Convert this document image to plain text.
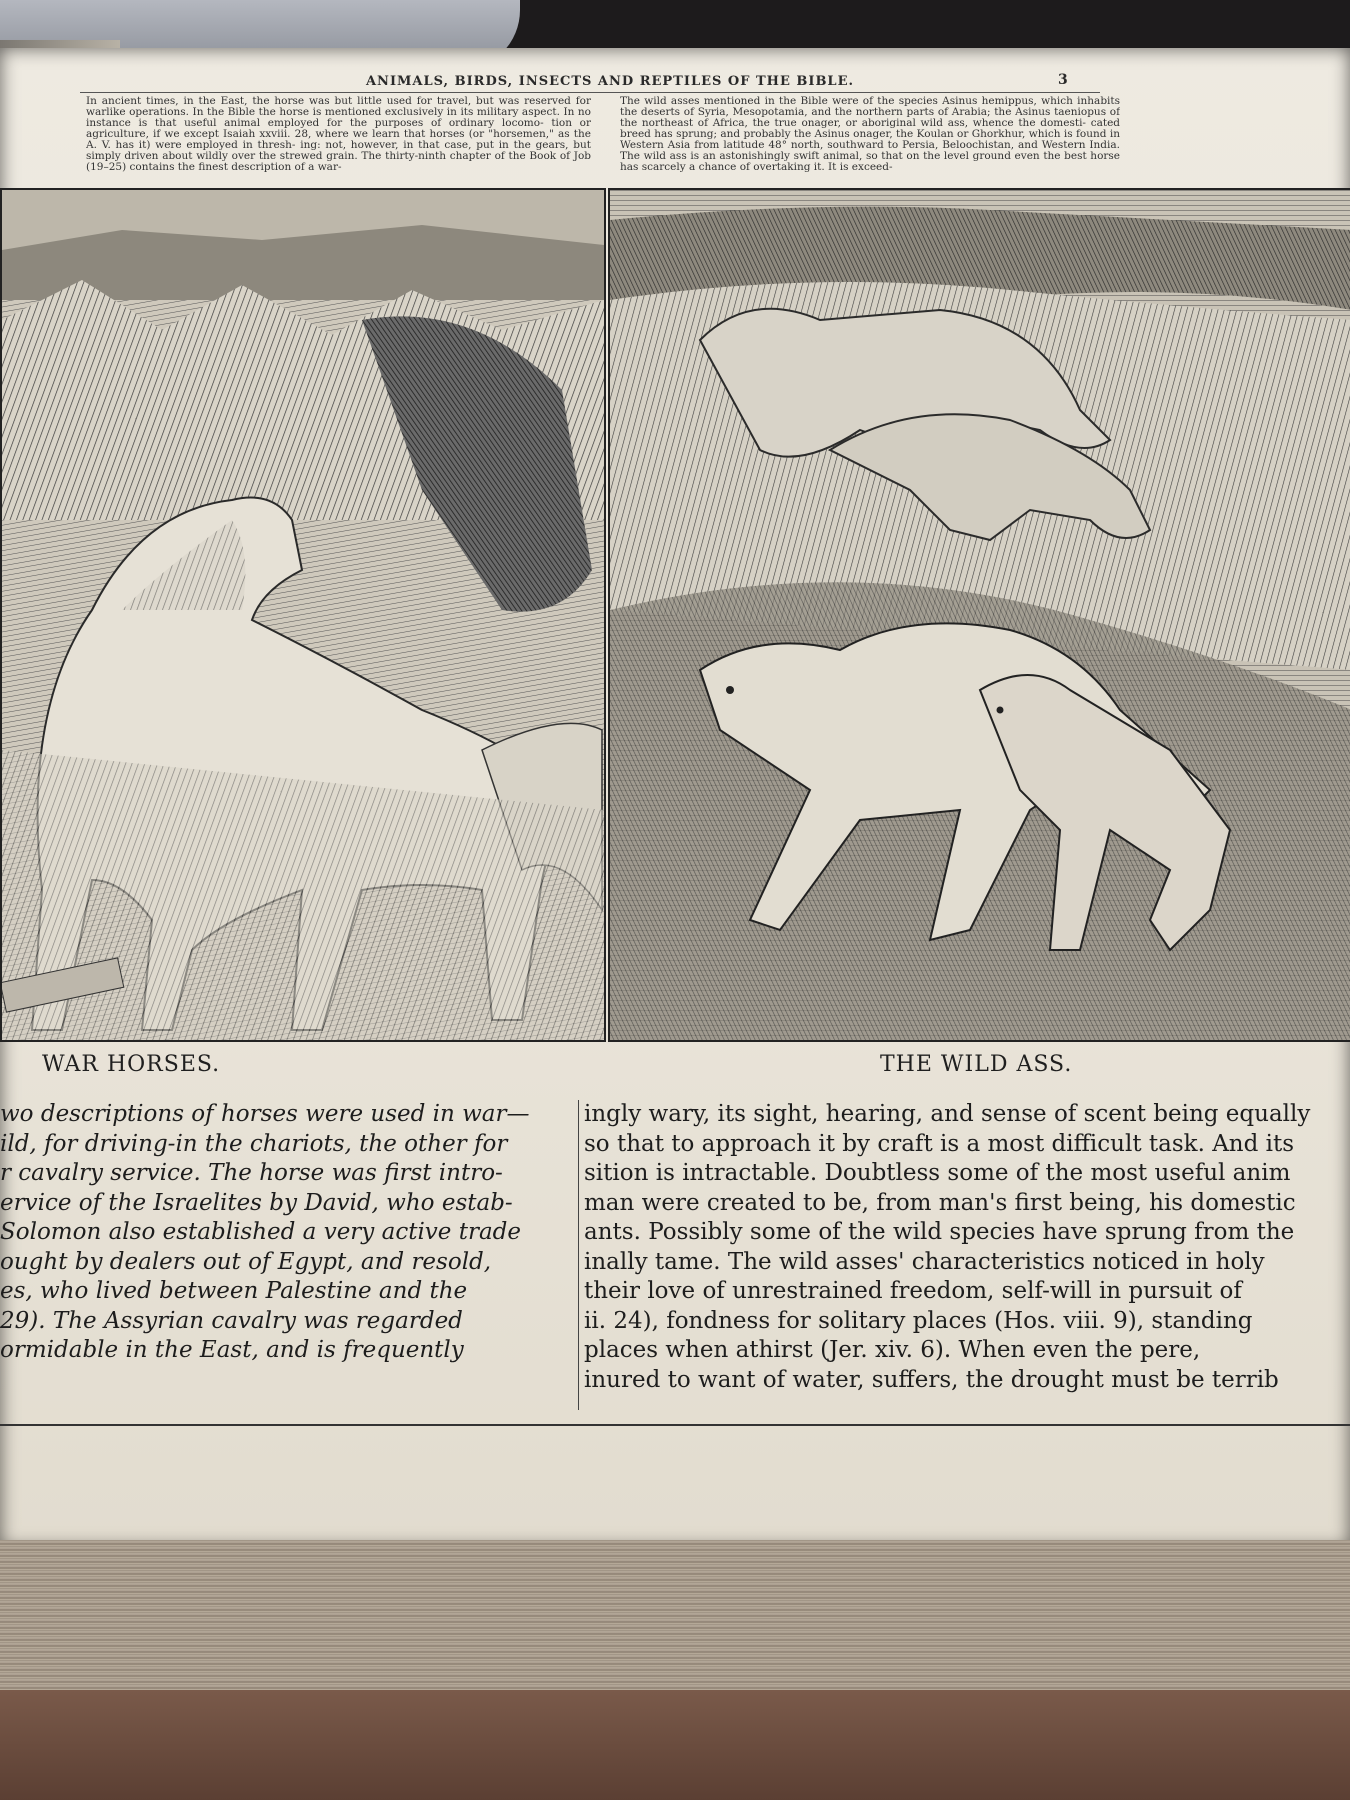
ANIMALS, BIRDS, INSECTS AND REPTILES OF THE BIBLE.	3
In ancient times, in the East, the horse was but little used for travel, but was reserved for warlike operations. In the Bible the horse is mentioned exclusively in its military aspect. In no instance is that useful animal employed for the purposes of ordinary locomo- tion or agriculture, if we except Isaiah xxviii. 28, where we learn that horses (or "horsemen," as the A. V. has it) were employed in thresh- ing: not, however, in that case, put in the gears, but simply driven about wildly over the strewed grain. The thirty-ninth chapter of the Book of Job (19–25) contains the finest description of a war-
The wild asses mentioned in the Bible were of the species Asinus hemippus, which inhabits the deserts of Syria, Mesopotamia, and the northern parts of Arabia; the Asinus taeniopus of the northeast of Africa, the true onager, or aboriginal wild ass, whence the domesti- cated breed has sprung; and probably the Asinus onager, the Koulan or Ghorkhur, which is found in Western Asia from latitude 48° north, southward to Persia, Beloochistan, and Western India. The wild ass is an astonishingly swift animal, so that on the level ground even the best horse has scarcely a chance of overtaking it. It is exceed-
WAR HORSES.	THE WILD ASS.
wo descriptions of horses were used in war—
ild, for driving-in the chariots, the other for
r cavalry service. The horse was first intro-
ervice of the Israelites by David, who estab-
Solomon also established a very active trade
ought by dealers out of Egypt, and resold,
es, who lived between Palestine and the
29). The Assyrian cavalry was regarded
ormidable in the East, and is frequently
ingly wary, its sight, hearing, and sense of scent being equally
so that to approach it by craft is a most difficult task. And its
sition is intractable. Doubtless some of the most useful anim
man were created to be, from man's first being, his domestic
ants. Possibly some of the wild species have sprung from the
inally tame. The wild asses' characteristics noticed in holy
their love of unrestrained freedom, self-will in pursuit of
ii. 24), fondness for solitary places (Hos. viii. 9), standing
places when athirst (Jer. xiv. 6). When even the pere,
inured to want of water, suffers, the drought must be terrib
